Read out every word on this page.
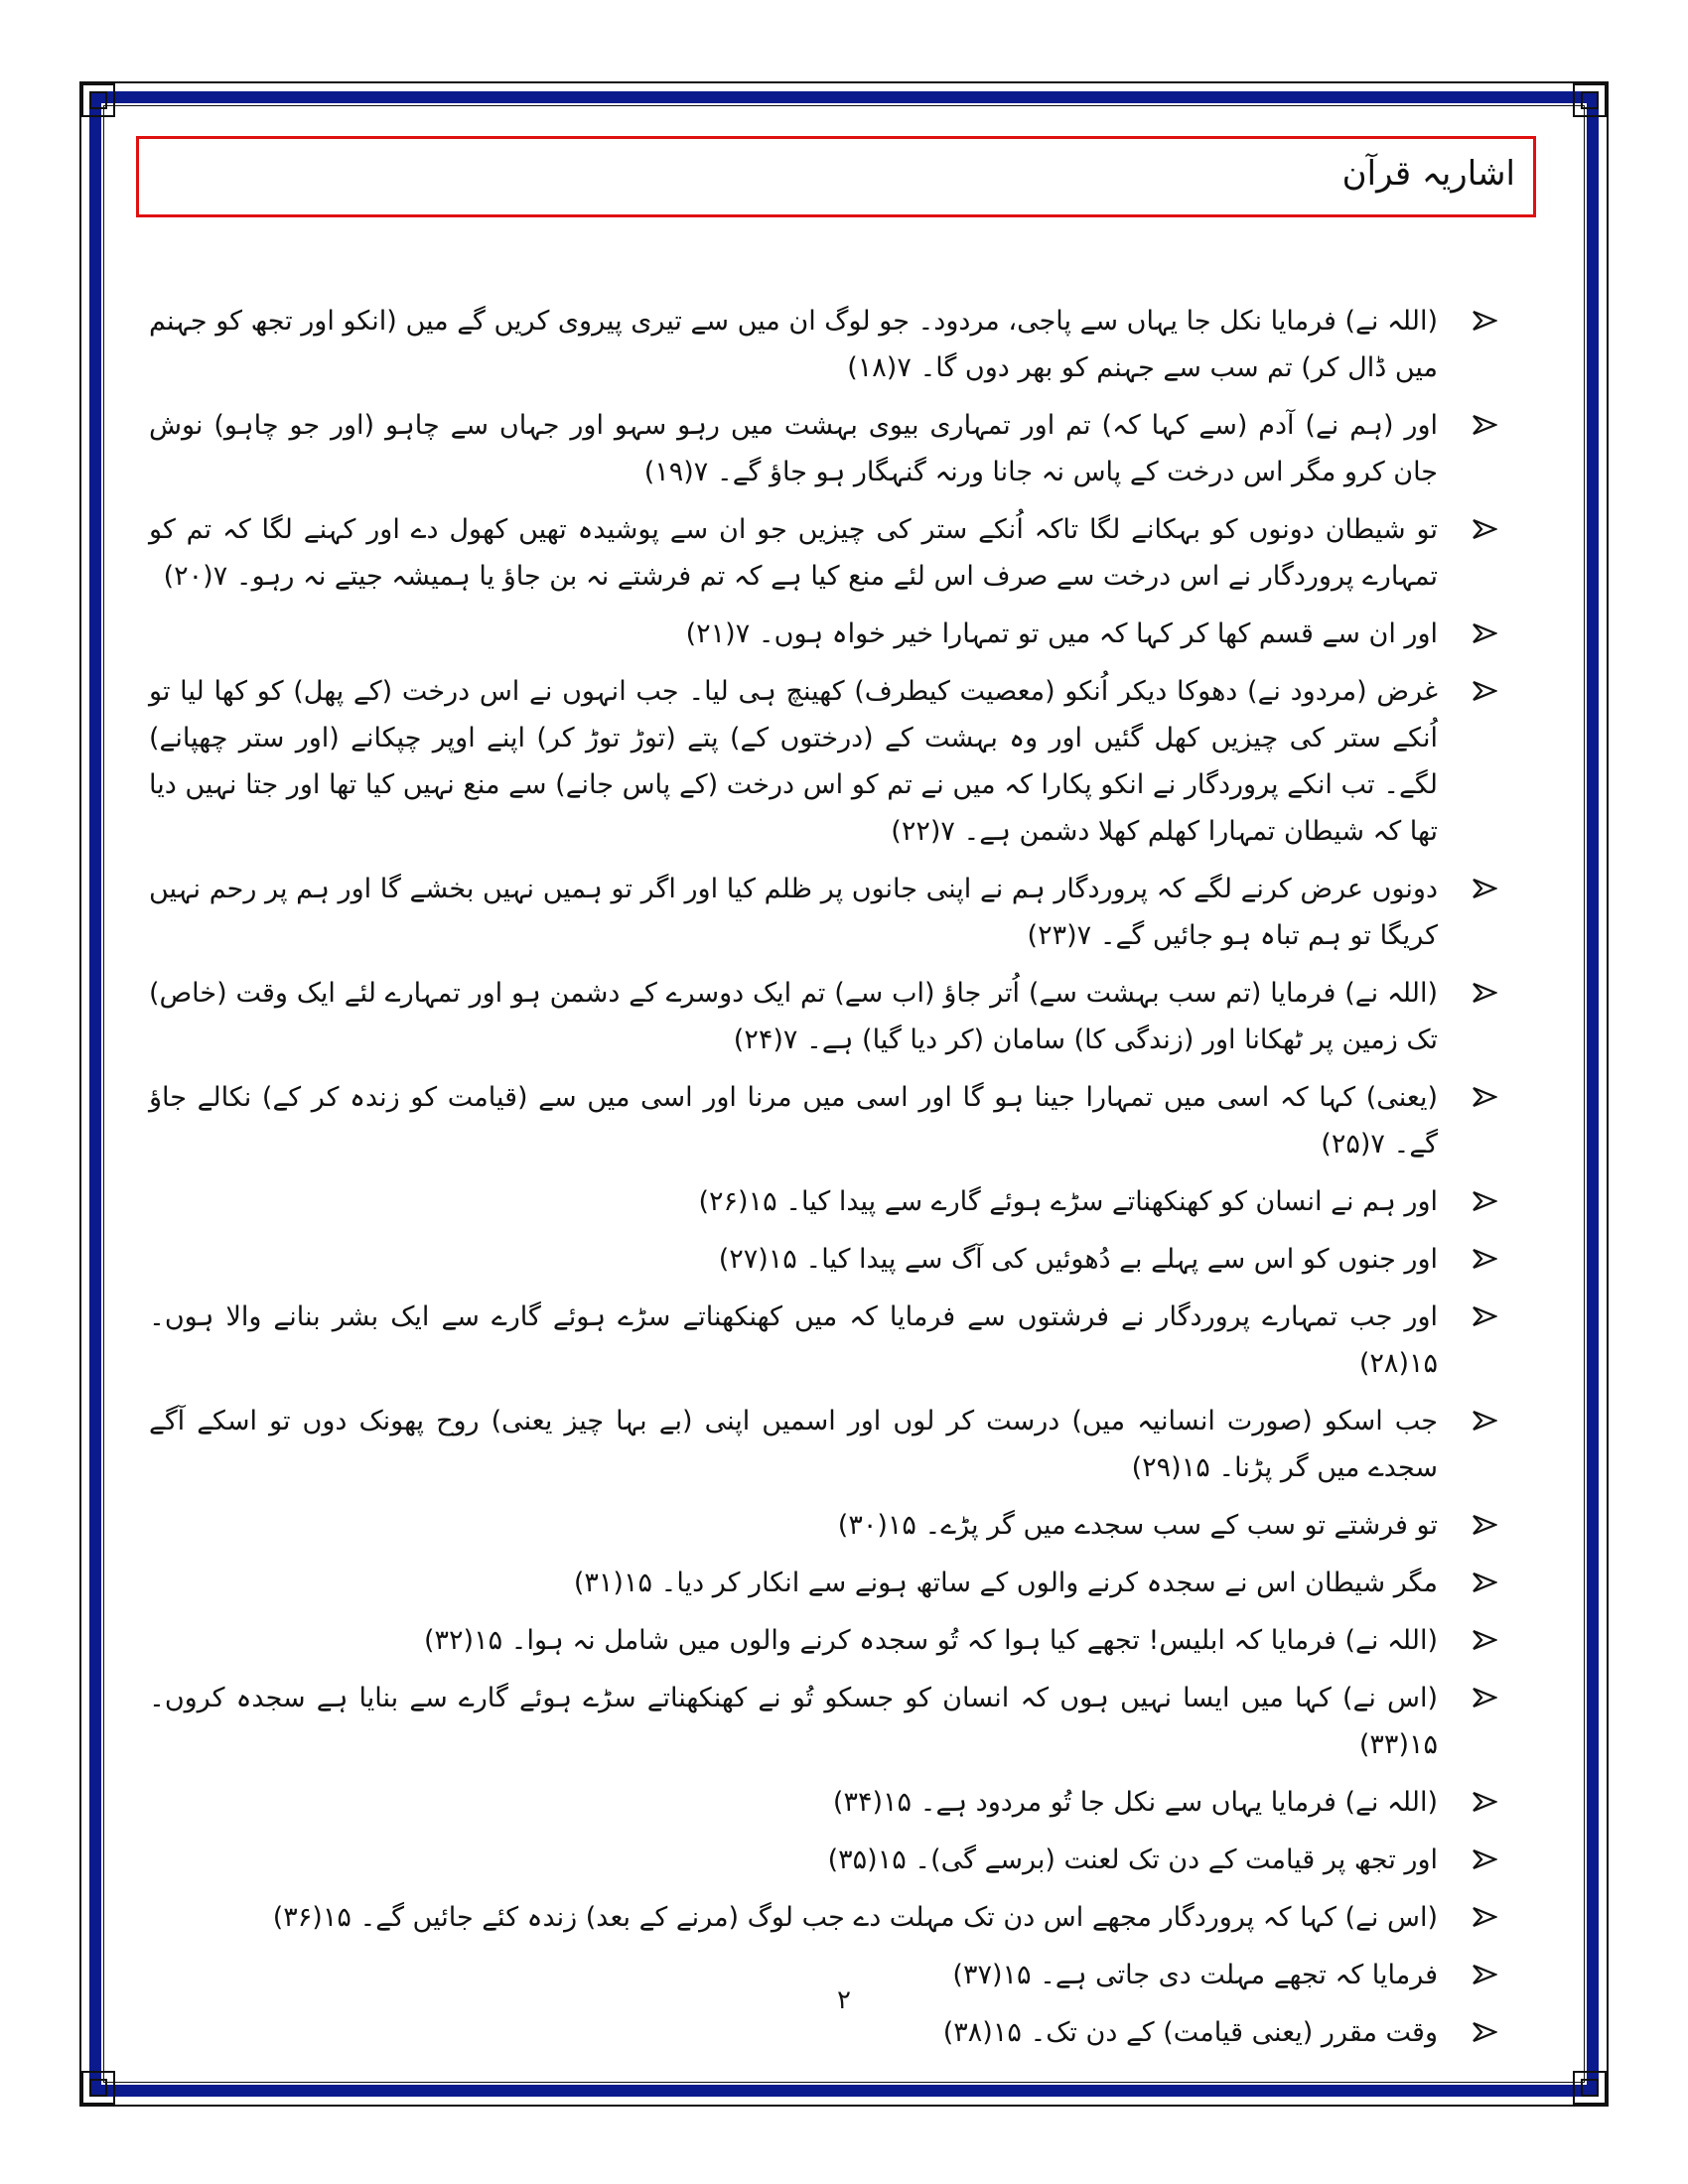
اشاریہ قرآن
(اللہ نے) فرمایا نکل جا یہاں سے پاجی، مردود۔ جو لوگ ان میں سے تیری پیروی کریں گے میں (انکو اور تجھ کو جہنم میں ڈال کر) تم سب سے جہنم کو بھر دوں گا۔ ۷(۱۸)
اور (ہم نے) آدم (سے کہا کہ) تم اور تمہاری بیوی بہشت میں رہو سہو اور جہاں سے چاہو (اور جو چاہو) نوش جان کرو مگر اس درخت کے پاس نہ جانا ورنہ گنہگار ہو جاؤ گے۔ ۷(۱۹)
تو شیطان دونوں کو بہکانے لگا تاکہ اُنکے ستر کی چیزیں جو ان سے پوشیدہ تھیں کھول دے اور کہنے لگا کہ تم کو تمہارے پروردگار نے اس درخت سے صرف اس لئے منع کیا ہے کہ تم فرشتے نہ بن جاؤ یا ہمیشہ جیتے نہ رہو۔ ۷(۲۰)
اور ان سے قسم کھا کر کہا کہ میں تو تمہارا خیر خواہ ہوں۔ ۷(۲۱)
غرض (مردود نے) دھوکا دیکر اُنکو (معصیت کیطرف) کھینچ ہی لیا۔ جب انہوں نے اس درخت (کے پھل) کو کھا لیا تو اُنکے ستر کی چیزیں کھل گئیں اور وہ بہشت کے (درختوں کے) پتے (توڑ توڑ کر) اپنے اوپر چپکانے (اور ستر چھپانے) لگے۔ تب انکے پروردگار نے انکو پکارا کہ میں نے تم کو اس درخت (کے پاس جانے) سے منع نہیں کیا تھا اور جتا نہیں دیا تھا کہ شیطان تمہارا کھلم کھلا دشمن ہے۔ ۷(۲۲)
دونوں عرض کرنے لگے کہ پروردگار ہم نے اپنی جانوں پر ظلم کیا اور اگر تو ہمیں نہیں بخشے گا اور ہم پر رحم نہیں کریگا تو ہم تباہ ہو جائیں گے۔ ۷(۲۳)
(اللہ نے) فرمایا (تم سب بہشت سے) اُتر جاؤ (اب سے) تم ایک دوسرے کے دشمن ہو اور تمہارے لئے ایک وقت (خاص) تک زمین پر ٹھکانا اور (زندگی کا) سامان (کر دیا گیا) ہے۔ ۷(۲۴)
(یعنی) کہا کہ اسی میں تمہارا جینا ہو گا اور اسی میں مرنا اور اسی میں سے (قیامت کو زندہ کر کے) نکالے جاؤ گے۔ ۷(۲۵)
اور ہم نے انسان کو کھنکھناتے سڑے ہوئے گارے سے پیدا کیا۔ ۱۵(۲۶)
اور جنوں کو اس سے پہلے بے دُھوئیں کی آگ سے پیدا کیا۔ ۱۵(۲۷)
اور جب تمہارے پروردگار نے فرشتوں سے فرمایا کہ میں کھنکھناتے سڑے ہوئے گارے سے ایک بشر بنانے والا ہوں۔ ۱۵(۲۸)
جب اسکو (صورت انسانیہ میں) درست کر لوں اور اسمیں اپنی (بے بہا چیز یعنی) روح پھونک دوں تو اسکے آگے سجدے میں گر پڑنا۔ ۱۵(۲۹)
تو فرشتے تو سب کے سب سجدے میں گر پڑے۔ ۱۵(۳۰)
مگر شیطان اس نے سجدہ کرنے والوں کے ساتھ ہونے سے انکار کر دیا۔ ۱۵(۳۱)
(اللہ نے) فرمایا کہ ابلیس! تجھے کیا ہوا کہ تُو سجدہ کرنے والوں میں شامل نہ ہوا۔ ۱۵(۳۲)
(اس نے) کہا میں ایسا نہیں ہوں کہ انسان کو جسکو تُو نے کھنکھناتے سڑے ہوئے گارے سے بنایا ہے سجدہ کروں۔ ۱۵(۳۳)
(اللہ نے) فرمایا یہاں سے نکل جا تُو مردود ہے۔ ۱۵(۳۴)
اور تجھ پر قیامت کے دن تک لعنت (برسے گی)۔ ۱۵(۳۵)
(اس نے) کہا کہ پروردگار مجھے اس دن تک مہلت دے جب لوگ (مرنے کے بعد) زندہ کئے جائیں گے۔ ۱۵(۳۶)
فرمایا کہ تجھے مہلت دی جاتی ہے۔ ۱۵(۳۷)
وقت مقرر (یعنی قیامت) کے دن تک۔ ۱۵(۳۸)
۲
